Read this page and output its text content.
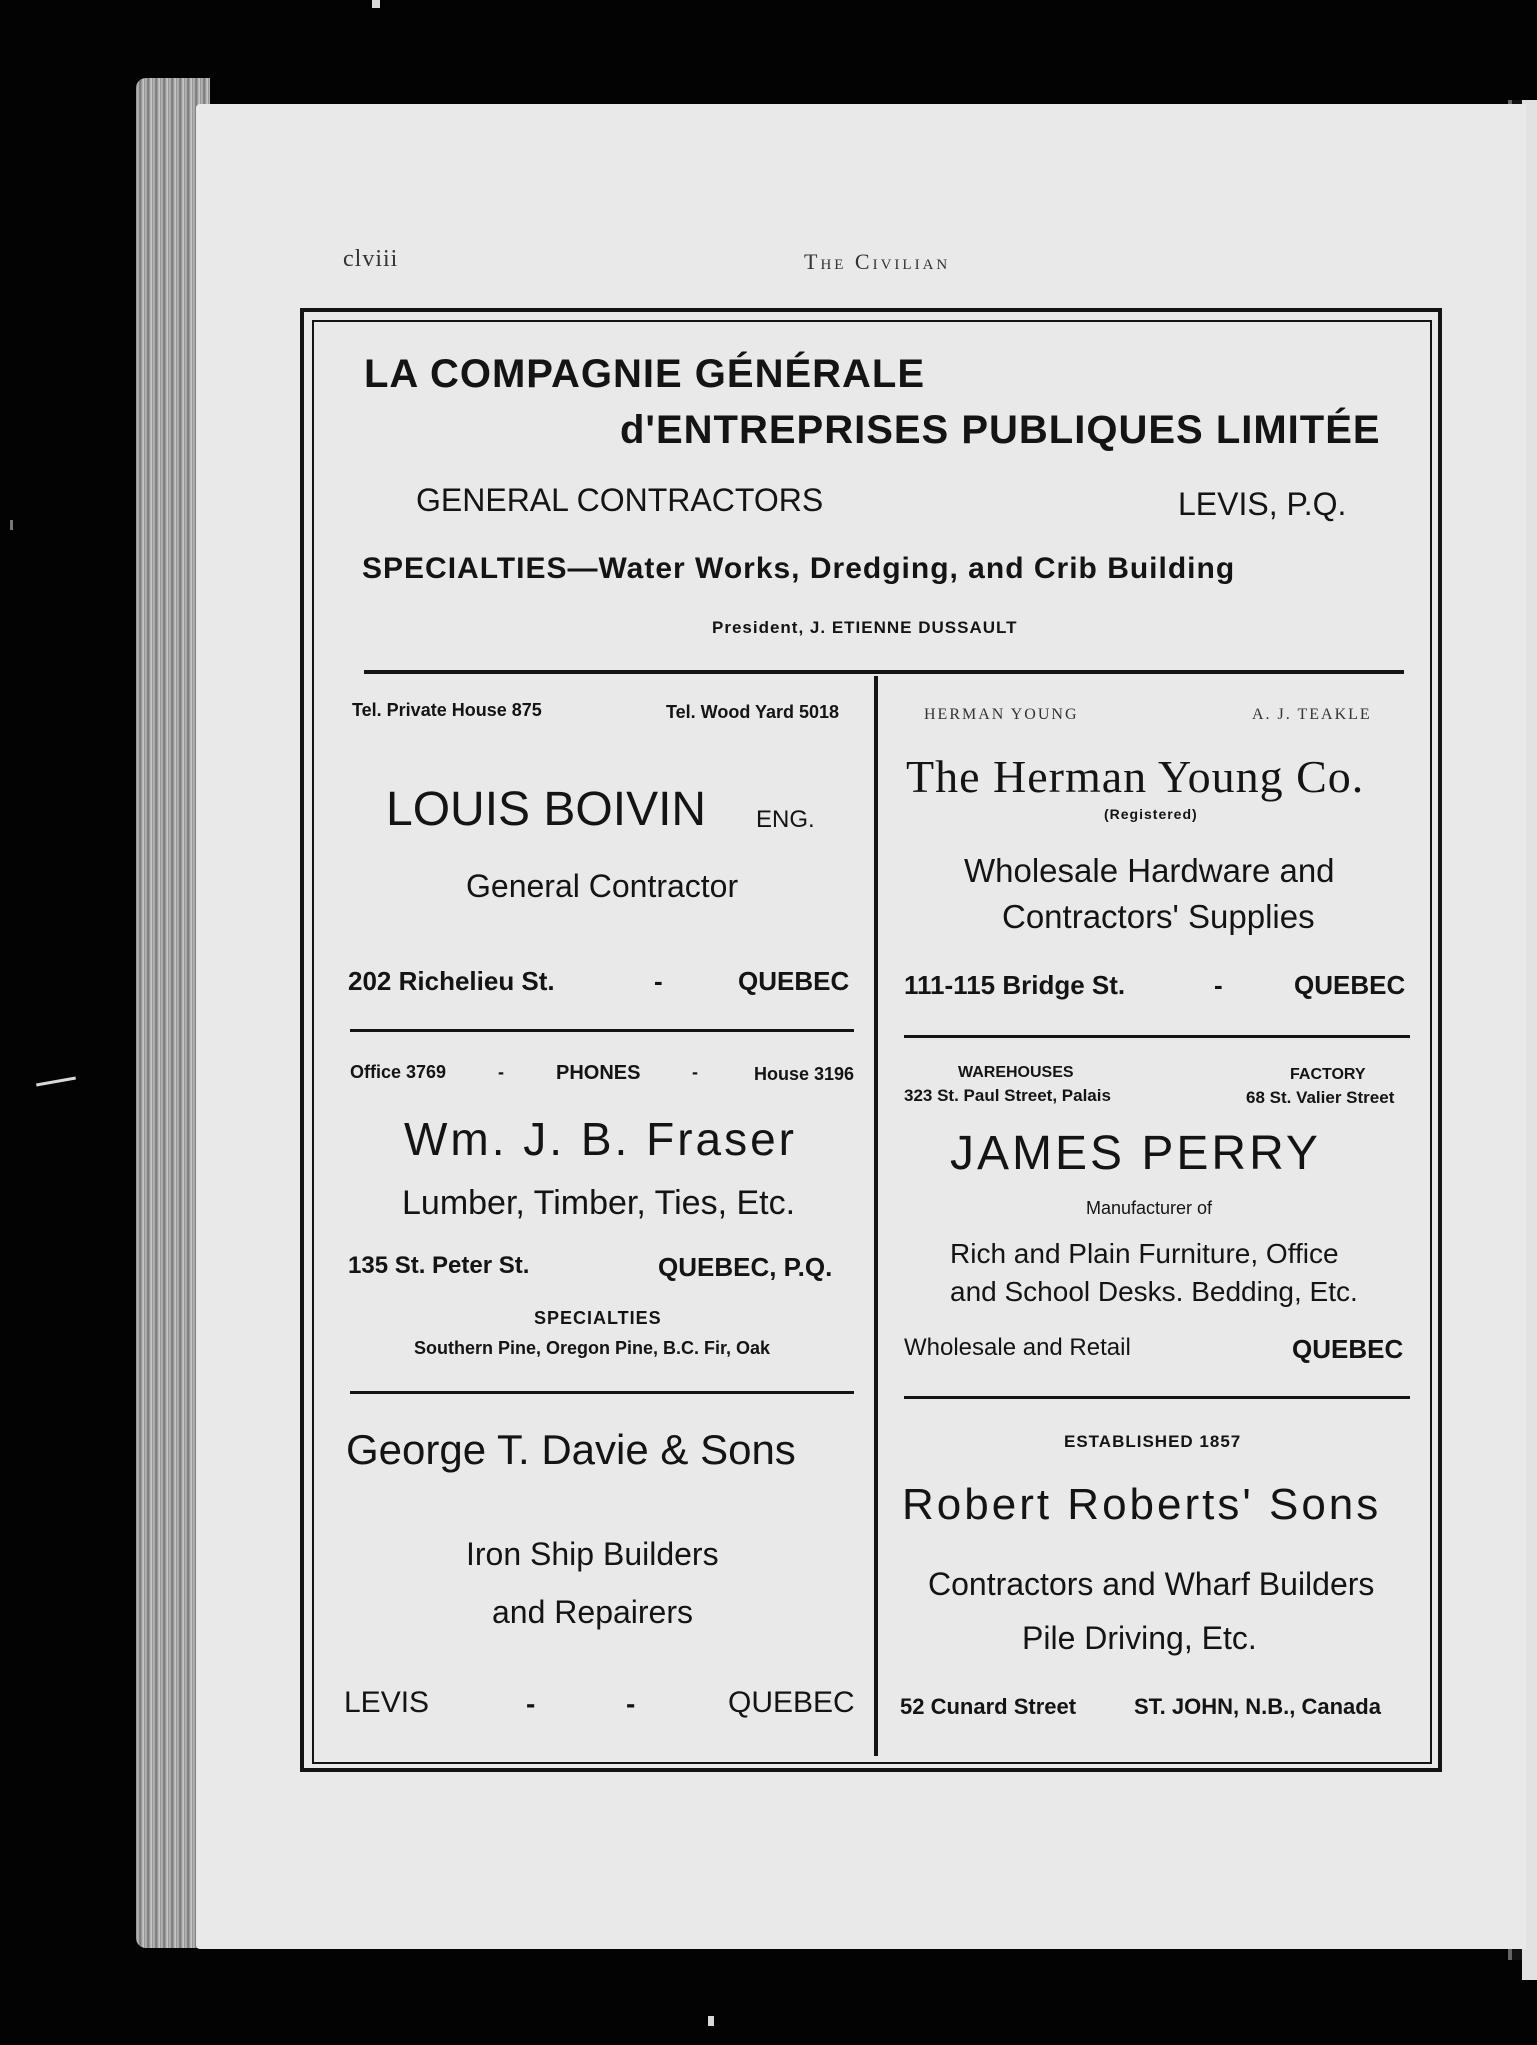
clviii	The Civilian
LA COMPAGNIE GÉNÉRALE
d'ENTREPRISES PUBLIQUES LIMITÉE
GENERAL CONTRACTORS	LEVIS, P.Q.
SPECIALTIES—Water Works, Dredging, and Crib Building
President, J. ETIENNE DUSSAULT
Tel. Private House 875	Tel. Wood Yard 5018
LOUIS BOIVIN ENG.
General Contractor
202 Richelieu St.	-	QUEBEC
HERMAN YOUNG	A. J. TEAKLE
The Herman Young Co.
(Registered)
Wholesale Hardware and
Contractors' Supplies
111-115 Bridge St.	-	QUEBEC
Office 3769	-	PHONES	-	House 3196
Wm. J. B. Fraser
Lumber, Timber, Ties, Etc.
135 St. Peter St.	QUEBEC, P.Q.
SPECIALTIES
Southern Pine, Oregon Pine, B.C. Fir, Oak
WAREHOUSES
323 St. Paul Street, Palais
FACTORY
68 St. Valier Street
JAMES PERRY
Manufacturer of
Rich and Plain Furniture, Office
and School Desks. Bedding, Etc.
Wholesale and Retail	QUEBEC
George T. Davie & Sons
Iron Ship Builders
and Repairers
LEVIS	-	-	QUEBEC
ESTABLISHED 1857
Robert Roberts' Sons
Contractors and Wharf Builders
Pile Driving, Etc.
52 Cunard Street	ST. JOHN, N.B., Canada
